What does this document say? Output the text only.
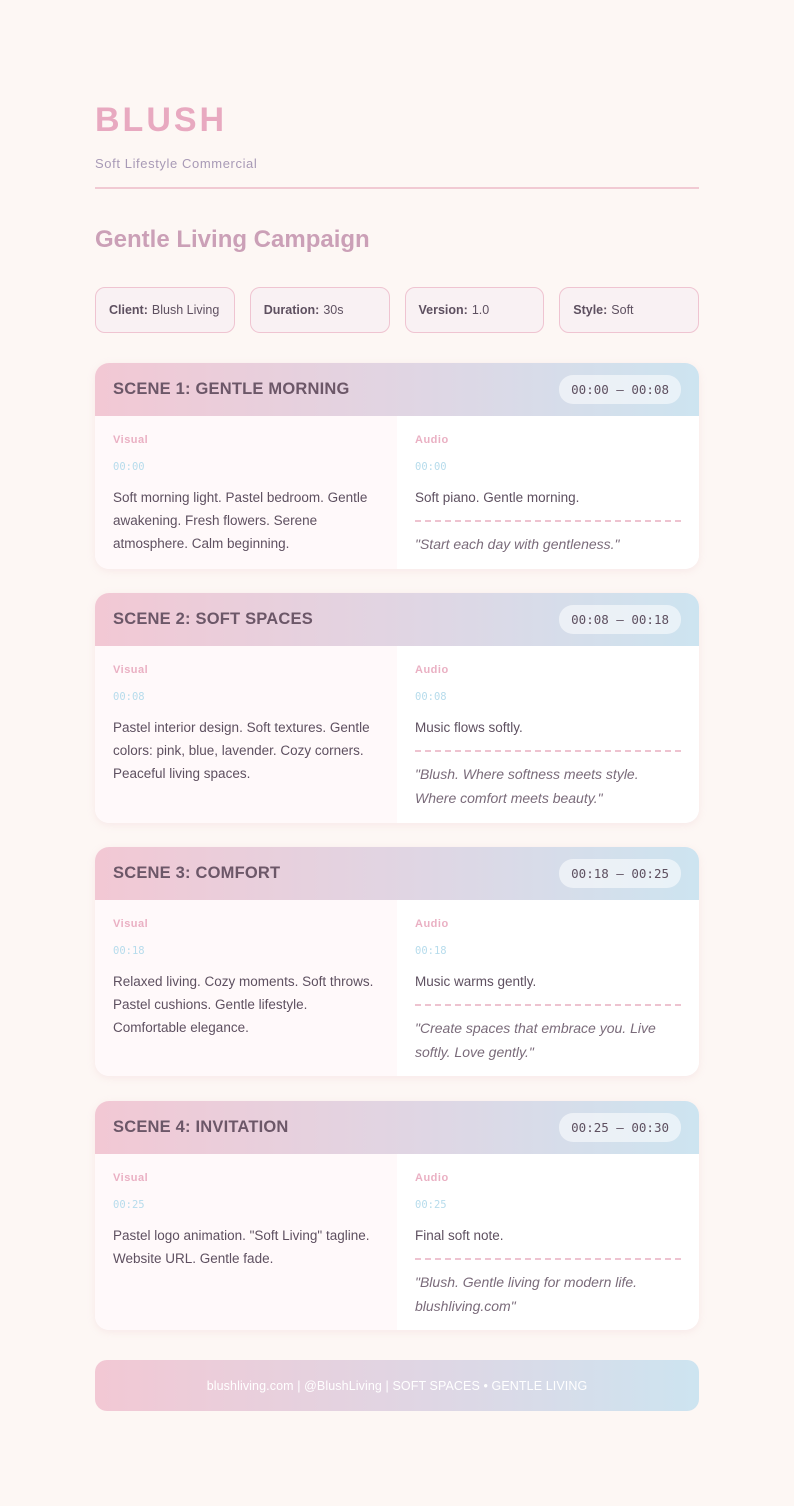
BLUSH
Soft Lifestyle Commercial
Gentle Living Campaign
Client: Blush Living	Duration: 30s	Version: 1.0	Style: Soft
SCENE 1: GENTLE MORNING	00:00 – 00:08
Visual
00:00
Soft morning light. Pastel bedroom. Gentle awakening. Fresh flowers. Serene atmosphere. Calm beginning.
Audio
00:00
Soft piano. Gentle morning.
"Start each day with gentleness."
SCENE 2: SOFT SPACES	00:08 – 00:18
Visual
00:08
Pastel interior design. Soft textures. Gentle colors: pink, blue, lavender. Cozy corners. Peaceful living spaces.
Audio
00:08
Music flows softly.
"Blush. Where softness meets style. Where comfort meets beauty."
SCENE 3: COMFORT	00:18 – 00:25
Visual
00:18
Relaxed living. Cozy moments. Soft throws. Pastel cushions. Gentle lifestyle. Comfortable elegance.
Audio
00:18
Music warms gently.
"Create spaces that embrace you. Live softly. Love gently."
SCENE 4: INVITATION	00:25 – 00:30
Visual
00:25
Pastel logo animation. "Soft Living" tagline. Website URL. Gentle fade.
Audio
00:25
Final soft note.
"Blush. Gentle living for modern life. blushliving.com"
blushliving.com | @BlushLiving | SOFT SPACES • GENTLE LIVING
